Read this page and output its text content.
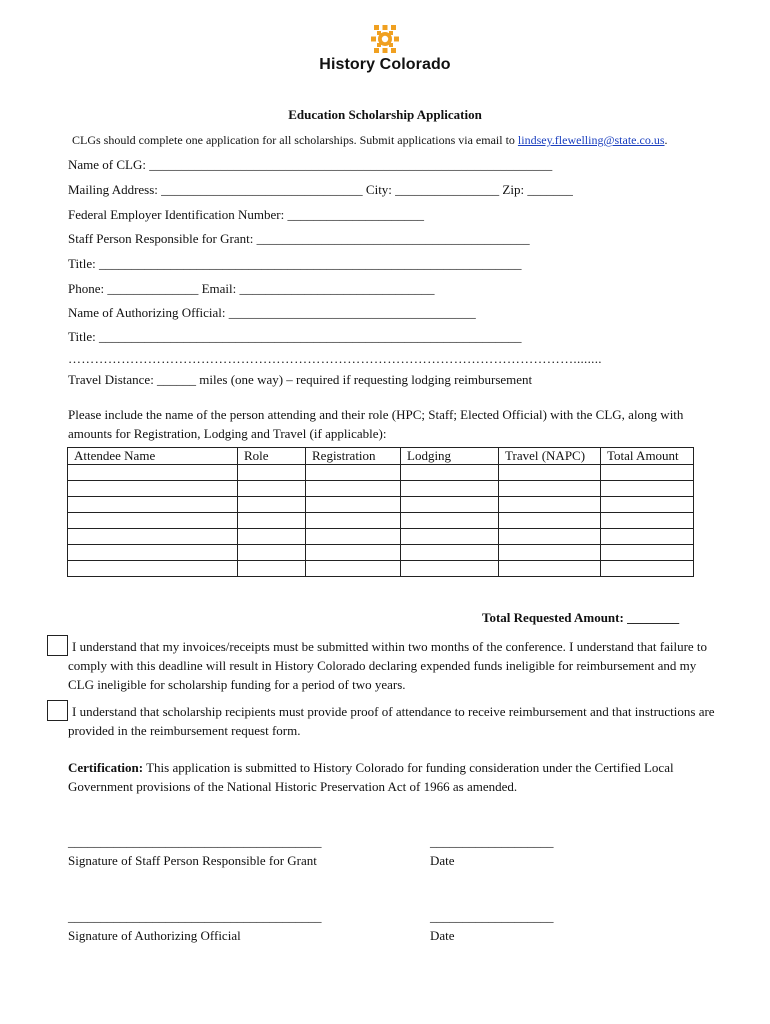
History Colorado
Education Scholarship Application
CLGs should complete one application for all scholarships. Submit applications via email to lindsey.flewelling@state.co.us.
Name of CLG: ______________________________________________________________
Mailing Address: _______________________________ City: ________________ Zip: _______
Federal Employer Identification Number: _____________________
Staff Person Responsible for Grant: __________________________________________
Title: _________________________________________________________________
Phone: ______________ Email: ______________________________
Name of Authorizing Official: ______________________________________
Title: _________________________________________________________________
……………………………………………………………………………………………………........
Travel Distance: ______ miles (one way) – required if requesting lodging reimbursement
Please include the name of the person attending and their role (HPC; Staff; Elected Official) with the CLG, along with amounts for Registration, Lodging and Travel (if applicable):
Attendee Name	Role	Registration	Lodging	Travel (NAPC)	Total Amount

Total Requested Amount: ________
I understand that my invoices/receipts must be submitted within two months of the conference. I understand that failure to comply with this deadline will result in History Colorado declaring expended funds ineligible for reimbursement and my CLG ineligible for scholarship funding for a period of two years.
I understand that scholarship recipients must provide proof of attendance to receive reimbursement and that instructions are provided in the reimbursement request form.
Certification: This application is submitted to History Colorado for funding consideration under the Certified Local Government provisions of the National Historic Preservation Act of 1966 as amended.
_______________________________________	___________________
Signature of Staff Person Responsible for Grant	Date
_______________________________________	___________________
Signature of Authorizing Official	Date
